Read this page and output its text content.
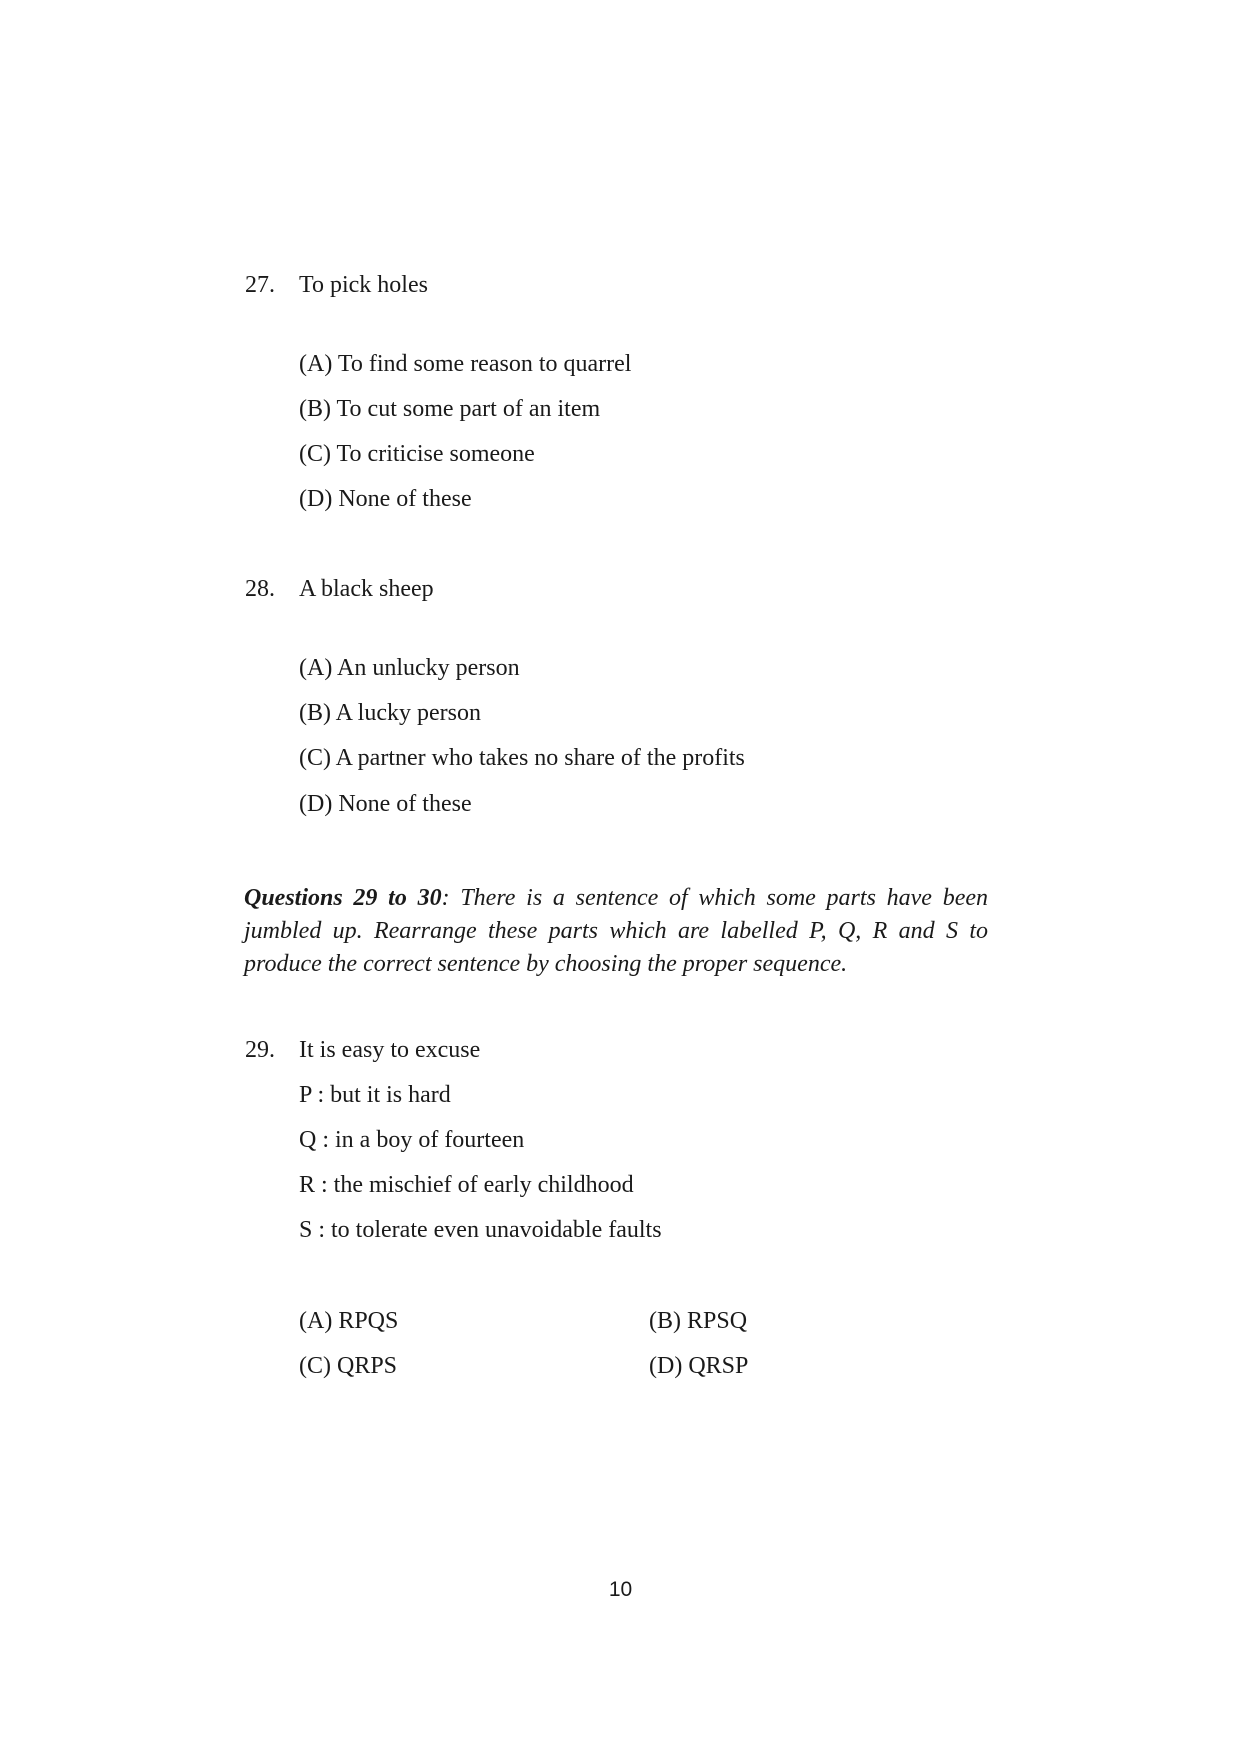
27. To pick holes
(A) To find some reason to quarrel
(B) To cut some part of an item
(C) To criticise someone
(D) None of these
28. A black sheep
(A) An unlucky person
(B) A lucky person
(C) A partner who takes no share of the profits
(D) None of these
Questions 29 to 30: There is a sentence of which some parts have been jumbled up. Rearrange these parts which are labelled P, Q, R and S to produce the correct sentence by choosing the proper sequence.
29. It is easy to excuse
P : but it is hard
Q : in a boy of fourteen
R : the mischief of early childhood
S : to tolerate even unavoidable faults
(A) RPQS	(B) RPSQ
(C) QRPS	(D) QRSP
10
